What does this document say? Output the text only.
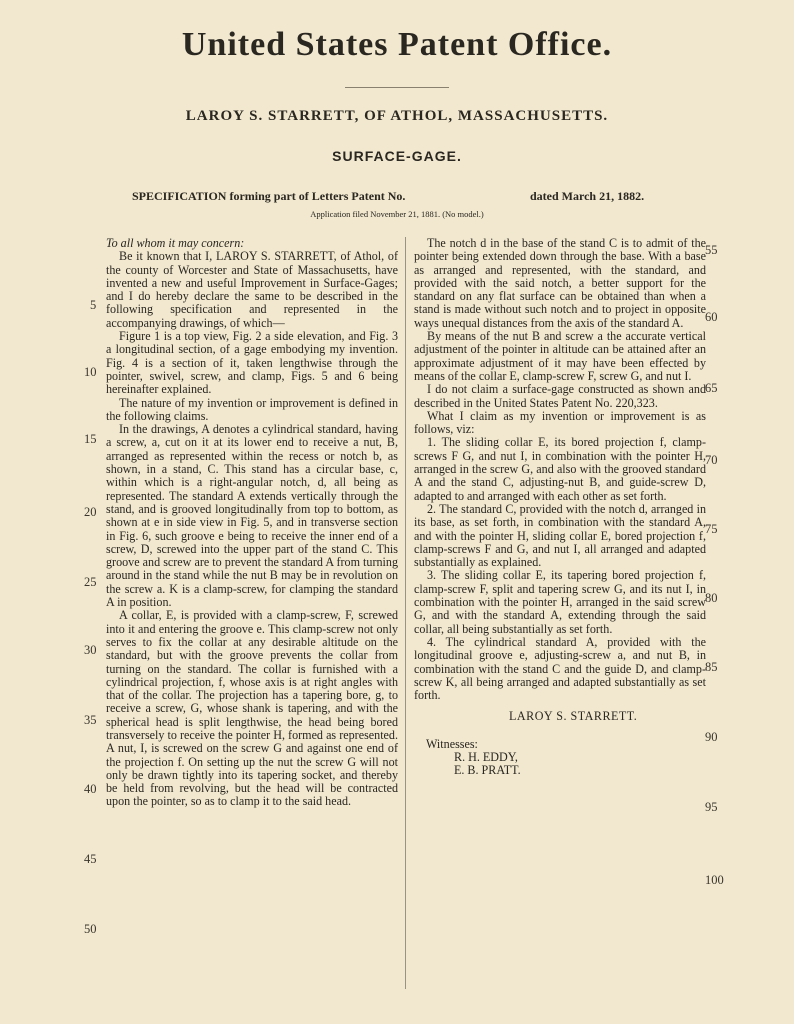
United States Patent Office.
LAROY S. STARRETT, OF ATHOL, MASSACHUSETTS.
SURFACE-GAGE.
SPECIFICATION forming part of Letters Patent No.	dated March 21, 1882.
Application filed November 21, 1881. (No model.)

To all whom it may concern:

Be it known that I, LAROY S. STARRETT, of Athol, of the county of Worcester and State of Massachusetts, have invented a new and useful Improvement in Surface-Gages; and I do hereby declare the same to be described in the following specification and represented in the accompanying drawings, of which—

Figure 1 is a top view, Fig. 2 a side elevation, and Fig. 3 a longitudinal section, of a gage embodying my invention. Fig. 4 is a section of it, taken lengthwise through the pointer, swivel, screw, and clamp, Figs. 5 and 6 being hereinafter explained.

The nature of my invention or improvement is defined in the following claims.

In the drawings, A denotes a cylindrical standard, having a screw, a, cut on it at its lower end to receive a nut, B, arranged as represented within the recess or notch b, as shown, in a stand, C. This stand has a circular base, c, within which is a right-angular notch, d, all being as represented. The standard A extends vertically through the stand, and is grooved longitudinally from top to bottom, as shown at e in side view in Fig. 5, and in transverse section in Fig. 6, such groove e being to receive the inner end of a screw, D, screwed into the upper part of the stand C. This groove and screw are to prevent the standard A from turning around in the stand while the nut B may be in revolution on the screw a. K is a clamp-screw, for clamping the standard A in position.

A collar, E, is provided with a clamp-screw, F, screwed into it and entering the groove e. This clamp-screw not only serves to fix the collar at any desirable altitude on the standard, but with the groove prevents the collar from turning on the standard. The collar is furnished with a cylindrical projection, f, whose axis is at right angles with that of the collar. The projection has a tapering bore, g, to receive a screw, G, whose shank is tapering, and with the spherical head is split lengthwise, the head being bored transversely to receive the pointer H, formed as represented. A nut, I, is screwed on the screw G and against one end of the projection f. On setting up the nut the screw G will not only be drawn tightly into its tapering socket, and thereby be held from revolving, but the head will be contracted upon the pointer, so as to clamp it to the said head.

The notch d in the base of the stand C is to admit of the pointer being extended down through the base. With a base as arranged and represented, with the standard, and provided with the said notch, a better support for the standard on any flat surface can be obtained than when a stand is made without such notch and to project in opposite ways unequal distances from the axis of the standard A.

By means of the nut B and screw a the accurate vertical adjustment of the pointer in altitude can be attained after an approximate adjustment of it may have been effected by means of the collar E, clamp-screw F, screw G, and nut I.

I do not claim a surface-gage constructed as shown and described in the United States Patent No. 220,323.

What I claim as my invention or improvement is as follows, viz:

1. The sliding collar E, its bored projection f, clamp-screws F G, and nut I, in combination with the pointer H, arranged in the screw G, and also with the grooved standard A and the stand C, adjusting-nut B, and guide-screw D, adapted to and arranged with each other as set forth.

2. The standard C, provided with the notch d, arranged in its base, as set forth, in combination with the standard A, and with the pointer H, sliding collar E, bored projection f, clamp-screws F and G, and nut I, all arranged and adapted substantially as explained.

3. The sliding collar E, its tapering bored projection f, clamp-screw F, split and tapering screw G, and its nut I, in combination with the pointer H, arranged in the said screw G, and with the standard A, extending through the said collar, all being substantially as set forth.

4. The cylindrical standard A, provided with the longitudinal groove e, adjusting-screw a, and nut B, in combination with the stand C and the guide D, and clamp-screw K, all being arranged and adapted substantially as set forth.

LAROY S. STARRETT.

Witnesses:

R. H. EDDY,

E. B. PRATT.

5
10
15
20
25
30
35
40
45
50
55
60
65
70
75
80
85
90
95
100
